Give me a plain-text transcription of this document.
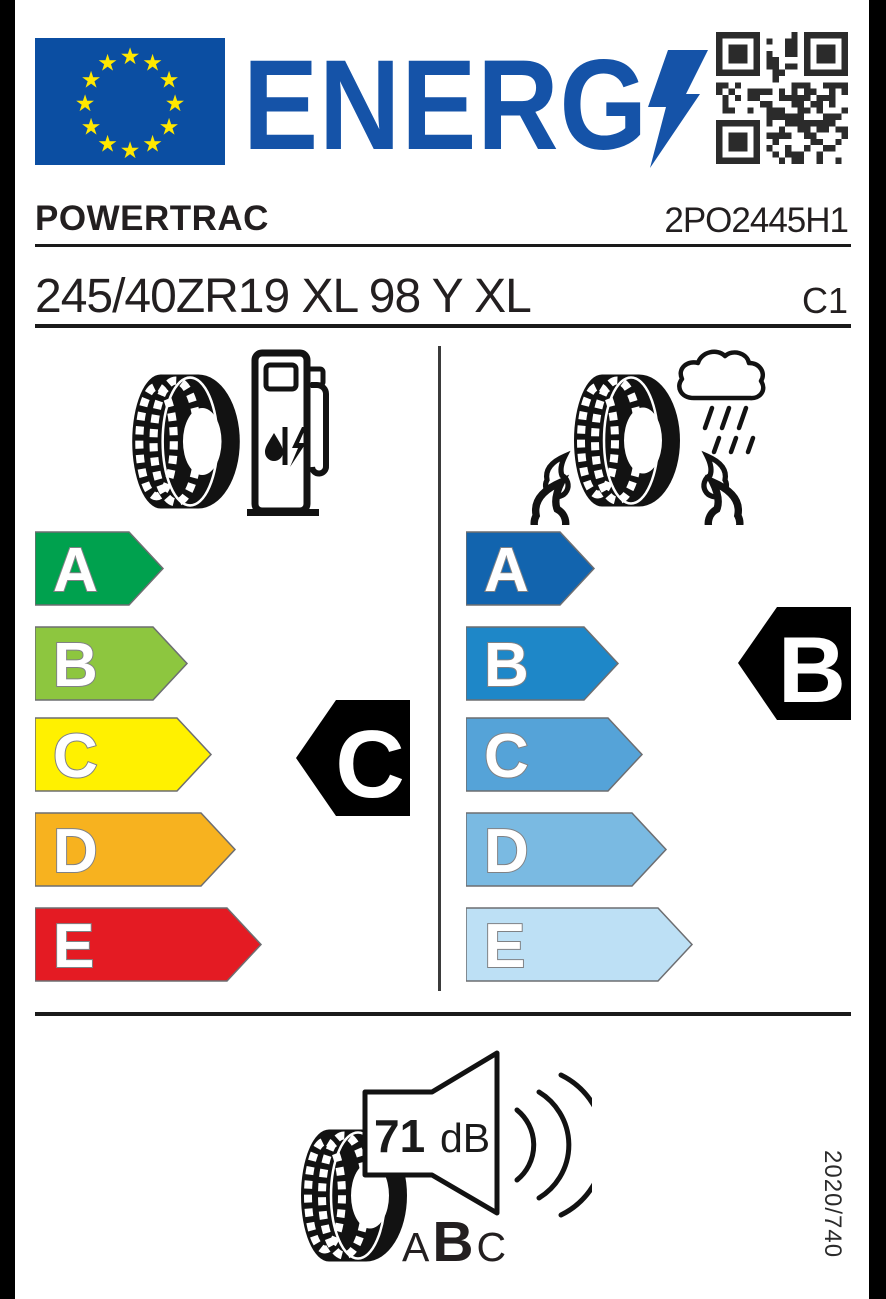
★ ★
★
★
★
★
★
★
★
★
★
★ ENERG
POWERTRAC	2PO2445H1
245/40ZR19 XL 98 Y XL	C1
A
B
C
D
E
A
B
C
D
E
C
B
71 dB
A B C	2020/740
